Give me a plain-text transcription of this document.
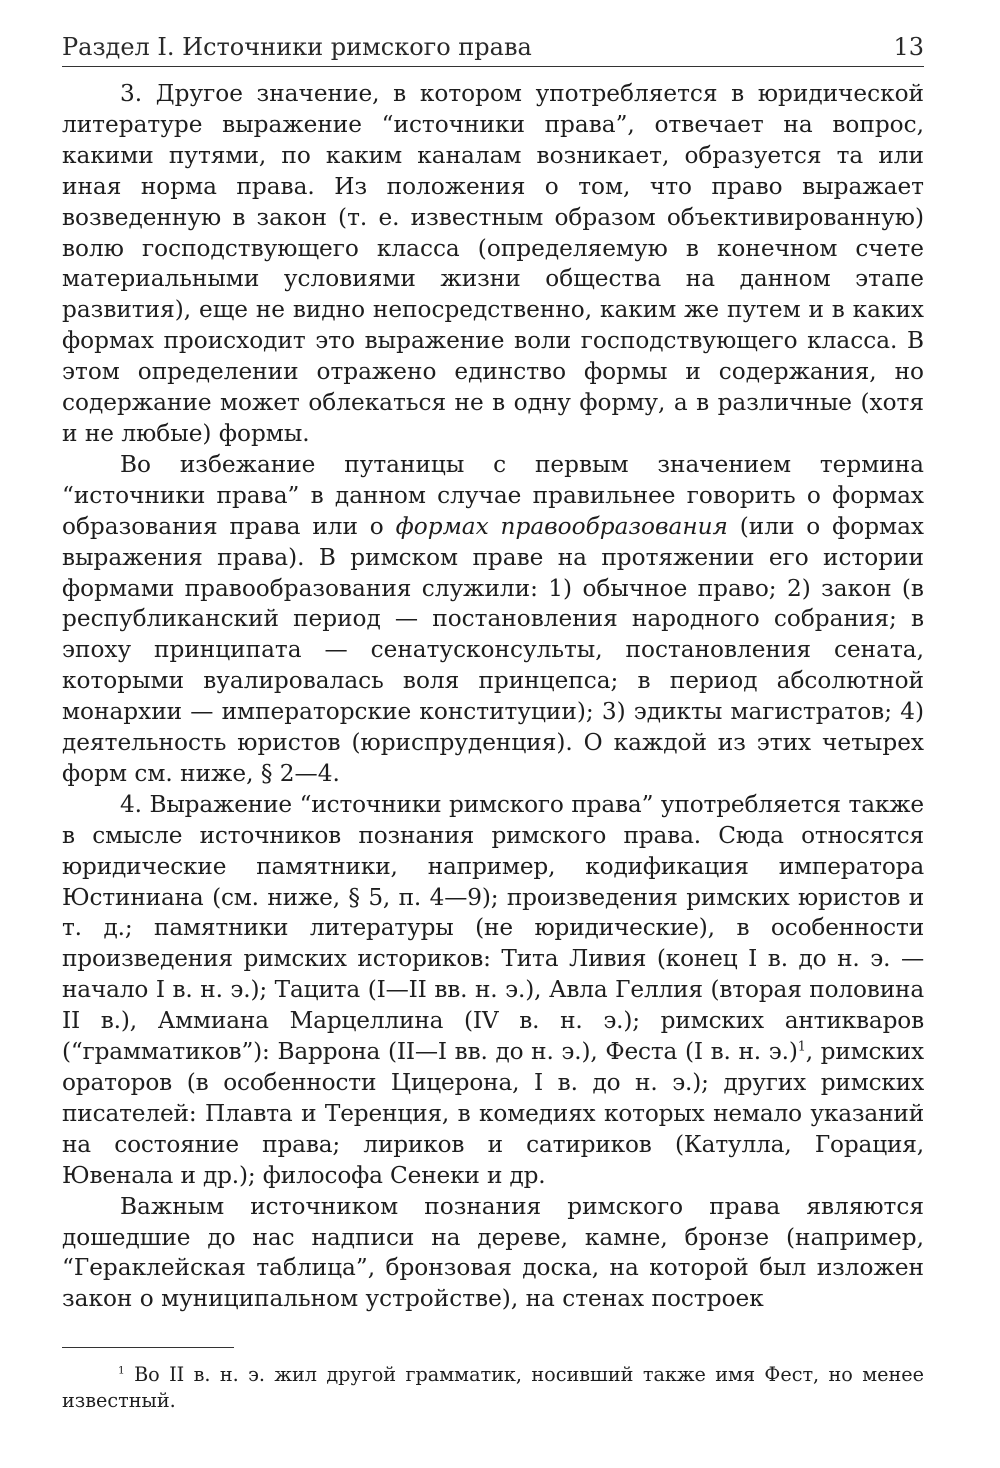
Раздел I. Источники римского права	13

3. Другое значение, в котором употребляется в юридической литературе выражение “источники права”, отвечает на вопрос, какими путями, по каким каналам возникает, образуется та или иная норма права. Из положения о том, что право выражает возведенную в закон (т. е. известным образом объективированную) волю господствующего класса (определяемую в конечном счете материальными условиями жизни общества на данном этапе развития), еще не видно непосредственно, каким же путем и в каких формах происходит это выражение воли господствующего класса. В этом определении отражено единство формы и содержания, но содержание может облекаться не в одну форму, а в различные (хотя и не любые) формы.

Во избежание путаницы с первым значением термина “источники права” в данном случае правильнее говорить о формах образования права или о формах правообразования (или о формах выражения права). В римском праве на протяжении его истории формами правообразования служили: 1) обычное право; 2) закон (в республиканский период — постановления народного собрания; в эпоху принципата — сенатусконсульты, постановления сената, которыми вуалировалась воля принцепса; в период абсолютной монархии — императорские конституции); 3) эдикты магистратов; 4) деятельность юристов (юриспруденция). О каждой из этих четырех форм см. ниже, § 2—4.

4. Выражение “источники римского права” употребляется также в смысле источников познания римского права. Сюда относятся юридические памятники, например, кодификация императора Юстиниана (см. ниже, § 5, п. 4—9); произведения римских юристов и т. д.; памятники литературы (не юридические), в особенности произведения римских историков: Тита Ливия (конец I в. до н. э. — начало I в. н. э.); Тацита (I—II вв. н. э.), Авла Геллия (вторая половина II в.), Аммиана Марцеллина (IV в. н. э.); римских антикваров (“грамматиков”): Варрона (II—I вв. до н. э.), Феста (I в. н. э.)$^1$, римских ораторов (в особенности Цицерона, I в. до н. э.); других римских писателей: Плавта и Теренция, в комедиях которых немало указаний на состояние права; лириков и сатириков (Катулла, Горация, Ювенала и др.); философа Сенеки и др.

Важным источником познания римского права являются дошедшие до нас надписи на дереве, камне, бронзе (например, “Гераклейская таблица”, бронзовая доска, на которой был изложен закон о муниципальном устройстве), на стенах построек

$^1$ Во II в. н. э. жил другой грамматик, носивший также имя Фест, но менее известный.
